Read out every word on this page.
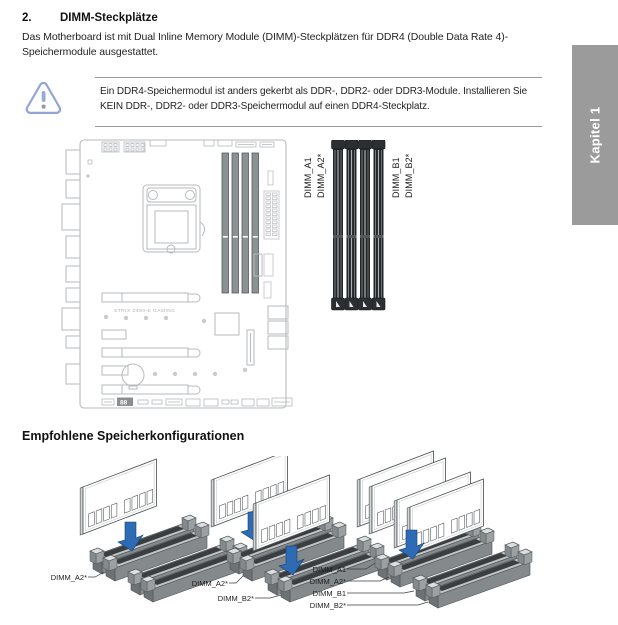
2. DIMM-Steckplätze
Das Motherboard ist mit Dual Inline Memory Module (DIMM)-Steckplätzen für DDR4 (Double Data Rate 4)-Speichermodule ausgestattet.
Ein DDR4-Speichermodul ist anders gekerbt als DDR-, DDR2- oder DDR3-Module. Installieren Sie KEIN DDR-, DDR2- oder DDR3-Speichermodul auf einen DDR4-Steckplatz.
Kapitel 1
STRIX Z490-E GAMING
88
DIMM_A1 DIMM_A2*	DIMM_B1 DIMM_B2*
Empfohlene Speicherkonfigurationen
DIMM_A2*
DIMM_A2*
DIMM_B2*
DIMM_A1
DIMM_A2*
DIMM_B1
DIMM_B2*
